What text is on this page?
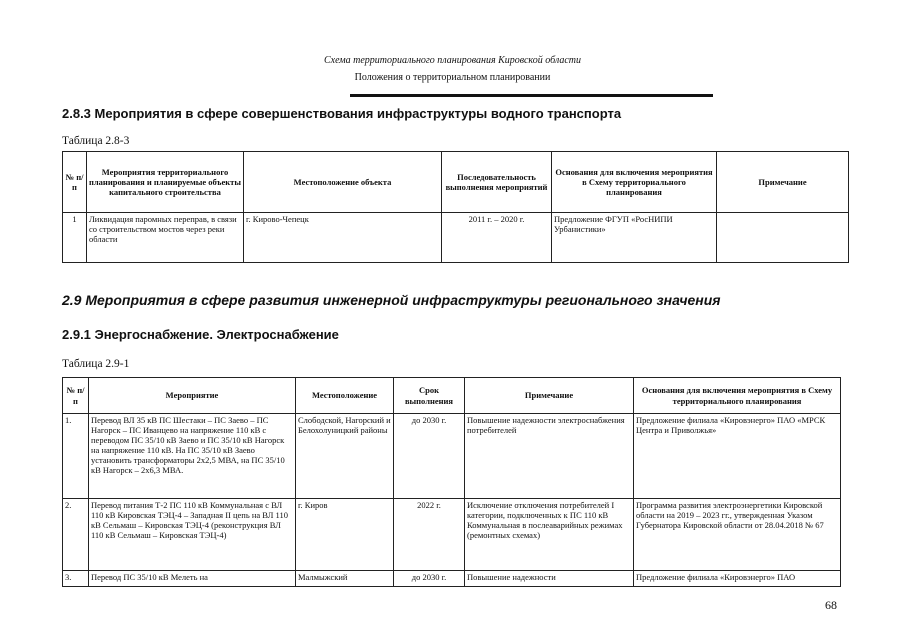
Схема территориального планирования Кировской области
Положения о территориальном планировании
2.8.3 Мероприятия в сфере совершенствования инфраструктуры водного транспорта
Таблица 2.8-3
№ п/п	Мероприятия территориального планирования и планируемые объекты капитального строительства	Местоположение объекта	Последовательность выполнения мероприятий	Основания для включения мероприятия в Схему территориального планирования	Примечание
1	Ликвидация паромных переправ, в связи со строительством мостов через реки области	г. Кирово-Чепецк	2011 г. – 2020 г.	Предложение ФГУП «РосНИПИ Урбанистики»	
2.9 Мероприятия в сфере развития инженерной инфраструктуры регионального значения
2.9.1 Энергоснабжение. Электроснабжение
Таблица 2.9-1
№ п/п	Мероприятие	Местоположение	Срок выполнения	Примечание	Основания для включения мероприятия в Схему территориального планирования
1.	Перевод ВЛ 35 кВ ПС Шестаки – ПС Заево – ПС Нагорск – ПС Иванцево на напряжение 110 кВ с переводом ПС 35/10 кВ Заево и ПС 35/10 кВ Нагорск на напряжение 110 кВ. На ПС 35/10 кВ Заево установить трансформаторы 2х2,5 МВА, на ПС 35/10 кВ Нагорск – 2х6,3 МВА.	Слободской, Нагорский и Белохолуницкий районы	до 2030 г.	Повышение надежности электроснабжения потребителей	Предложение филиала «Кировэнерго» ПАО «МРСК Центра и Приволжья»
2.	Перевод питания Т-2 ПС 110 кВ Коммунальная с ВЛ 110 кВ Кировская ТЭЦ-4 – Западная II цепь на ВЛ 110 кВ Сельмаш – Кировская ТЭЦ-4 (реконструкция ВЛ 110 кВ Сельмаш – Кировская ТЭЦ-4)	г. Киров	2022 г.	Исключение отключения потребителей I категории, подключенных к ПС 110 кВ Коммунальная в послеаварийных режимах (ремонтных схемах)	Программа развития электроэнергетики Кировской области на 2019 – 2023 гг., утвержденная Указом Губернатора Кировской области от 28.04.2018 № 67
3.	Перевод ПС 35/10 кВ Мелеть на	Малмыжский	до 2030 г.	Повышение надежности	Предложение филиала «Кировэнерго» ПАО
68
